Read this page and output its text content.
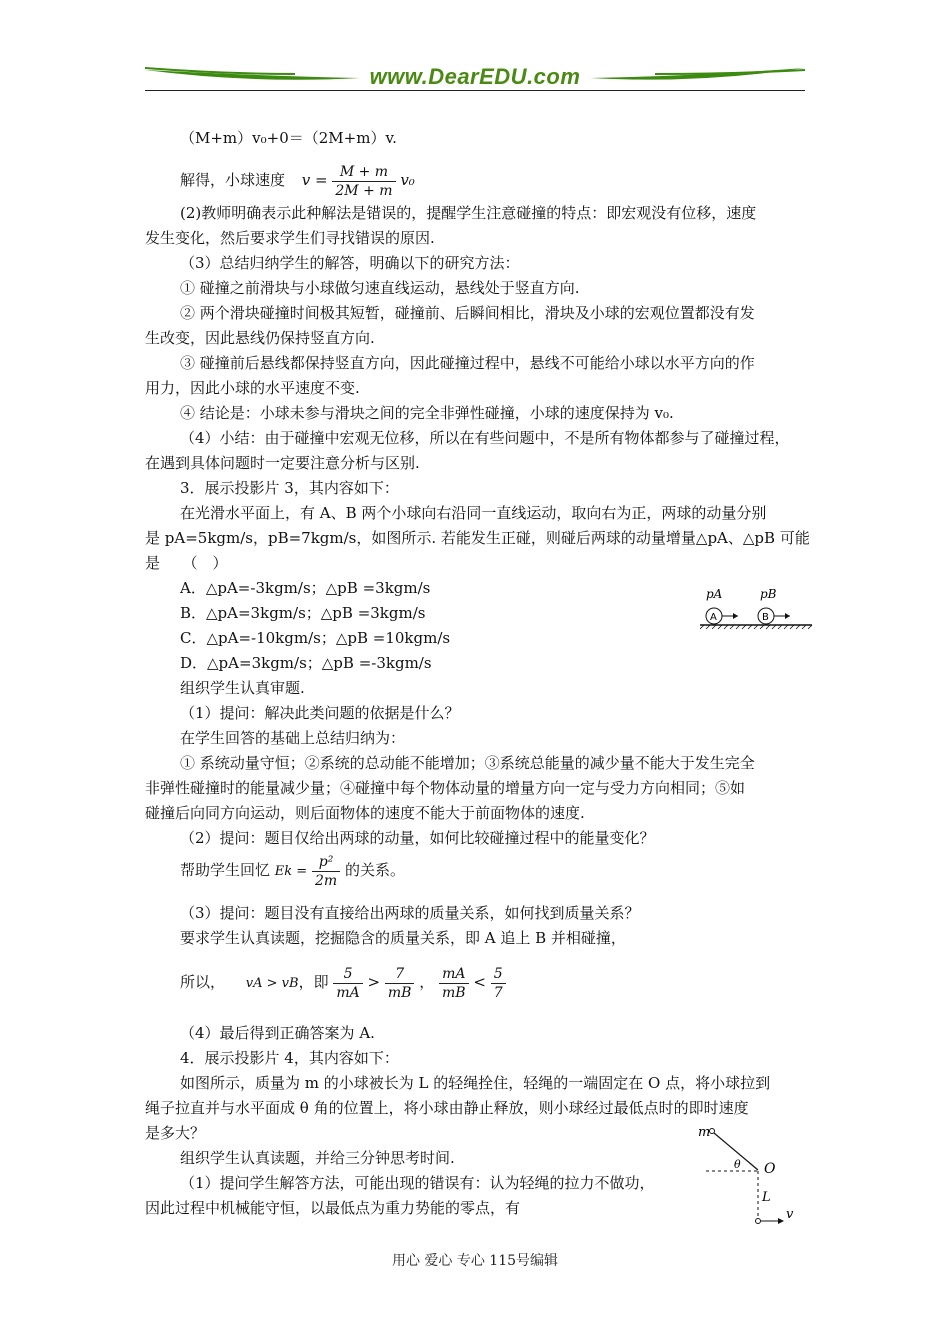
www.DearEDU.com
（M+m）v₀+0＝（2M+m）v.
解得，小球速度 $v = \frac{M + m}{2M + m} v_0$
(2)教师明确表示此种解法是错误的，提醒学生注意碰撞的特点：即宏观没有位移，速度
发生变化，然后要求学生们寻找错误的原因.
（3）总结归纳学生的解答，明确以下的研究方法：
① 碰撞之前滑块与小球做匀速直线运动，悬线处于竖直方向.
② 两个滑块碰撞时间极其短暂，碰撞前、后瞬间相比，滑块及小球的宏观位置都没有发
生改变，因此悬线仍保持竖直方向.
③ 碰撞前后悬线都保持竖直方向，因此碰撞过程中，悬线不可能给小球以水平方向的作
用力，因此小球的水平速度不变.
④ 结论是：小球未参与滑块之间的完全非弹性碰撞，小球的速度保持为 v₀.
（4）小结：由于碰撞中宏观无位移，所以在有些问题中，不是所有物体都参与了碰撞过程，
在遇到具体问题时一定要注意分析与区别.
3．展示投影片 3，其内容如下：
在光滑水平面上，有 A、B 两个小球向右沿同一直线运动，取向右为正，两球的动量分别
是 pA=5kgm/s，pB=7kgm/s，如图所示. 若能发生正碰，则碰后两球的动量增量△pA、△pB 可能
是　　（　）
A．△pA=-3kgm/s；△pB =3kgm/s
B．△pA=3kgm/s；△pB =3kgm/s
C．△pA=-10kgm/s；△pB =10kgm/s
D．△pA=3kgm/s；△pB =-3kgm/s
pA	pB
A	B
组织学生认真审题.
（1）提问：解决此类问题的依据是什么？
在学生回答的基础上总结归纳为：
① 系统动量守恒；②系统的总动能不能增加；③系统总能量的减少量不能大于发生完全
非弹性碰撞时的能量减少量；④碰撞中每个物体动量的增量方向一定与受力方向相同；⑤如
碰撞后向同方向运动，则后面物体的速度不能大于前面物体的速度.
（2）提问：题目仅给出两球的动量，如何比较碰撞过程中的能量变化？
帮助学生回忆 $Ek = \frac{\text{p²}}{2m}$ 的关系。
（3）提问：题目没有直接给出两球的质量关系，如何找到质量关系？
要求学生认真读题，挖掘隐含的质量关系，即 A 追上 B 并相碰撞，
所以， vA > vB，即 $\frac{5}{mA} > \frac{7}{mB}$ ， $\frac{mA}{mB} < \frac{5}{7}$
（4）最后得到正确答案为 A.
4．展示投影片 4，其内容如下：
如图所示，质量为 m 的小球被长为 L 的轻绳拴住，轻绳的一端固定在 O 点，将小球拉到
绳子拉直并与水平面成 θ 角的位置上，将小球由静止释放，则小球经过最低点时的即时速度
是多大？
组织学生认真读题，并给三分钟思考时间.
（1）提问学生解答方法，可能出现的错误有：认为轻绳的拉力不做功，
因此过程中机械能守恒，以最低点为重力势能的零点，有
m
θ O
L
v
用心 爱心 专心 115号编辑
